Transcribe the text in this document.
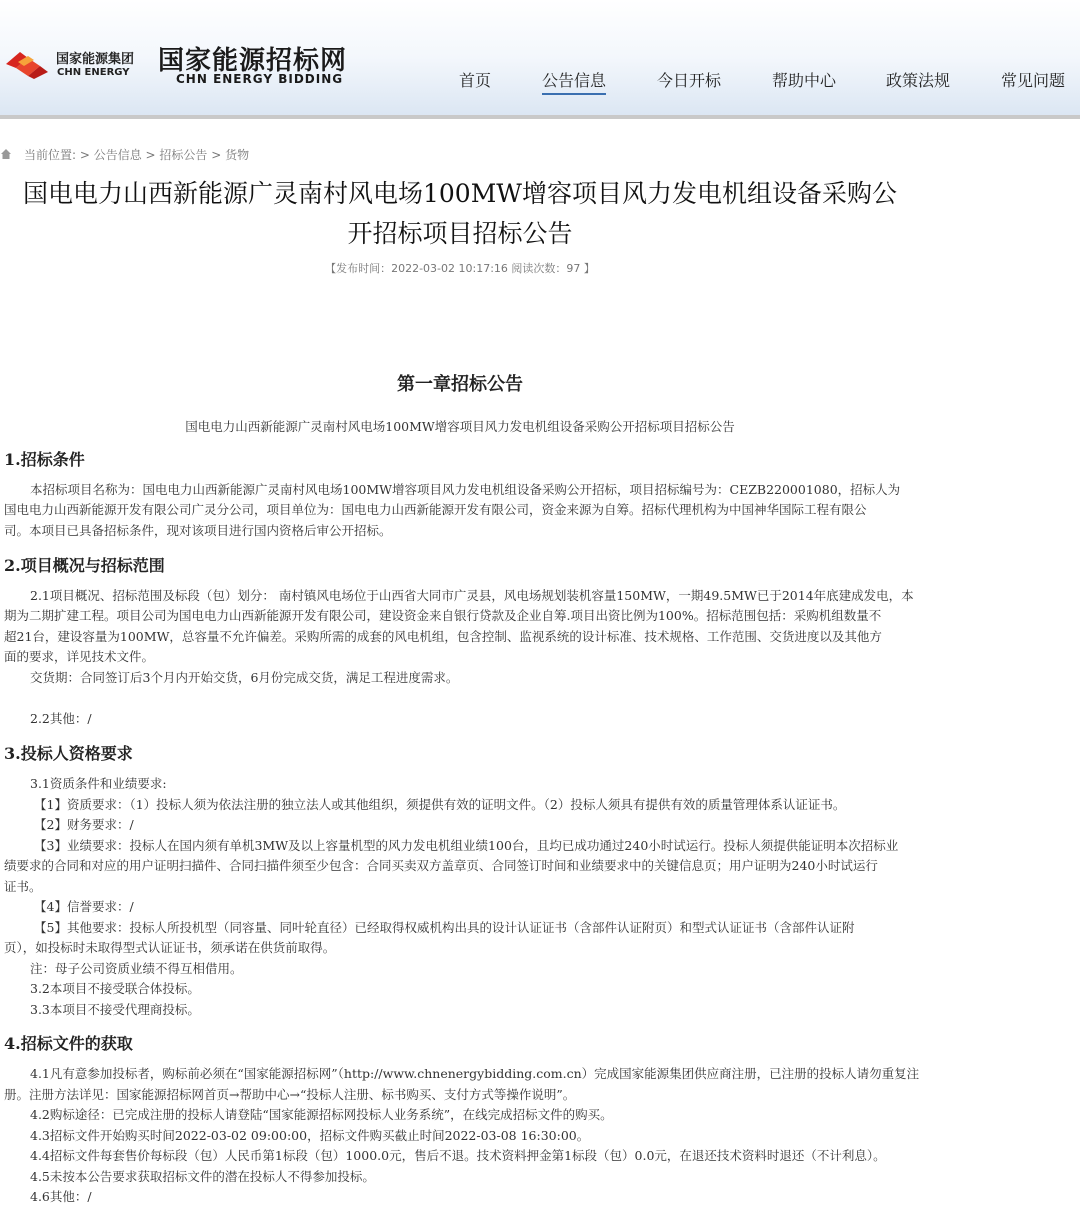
国家能源集团
CHN ENERGY 国家能源招标网
CHN ENERGY BIDDING	首页	公告信息	今日开标	帮助中心	政策法规	常见问题
当前位置: > 公告信息 > 招标公告 > 货物
国电电力山西新能源广灵南村风电场100MW增容项目风力发电机组设备采购公
开招标项目招标公告
【发布时间：2022-03-02 10:17:16 阅读次数：97 】
第一章招标公告
国电电力山西新能源广灵南村风电场100MW增容项目风力发电机组设备采购公开招标项目招标公告
1.招标条件
本招标项目名称为：国电电力山西新能源广灵南村风电场100MW增容项目风力发电机组设备采购公开招标，项目招标编号为：CEZB220001080，招标人为
国电电力山西新能源开发有限公司广灵分公司，项目单位为：国电电力山西新能源开发有限公司，资金来源为自筹。招标代理机构为中国神华国际工程有限公
司。本项目已具备招标条件，现对该项目进行国内资格后审公开招标。
2.项目概况与招标范围
2.1项目概况、招标范围及标段（包）划分： 南村镇风电场位于山西省大同市广灵县，风电场规划装机容量150MW，一期49.5MW已于2014年底建成发电，本
期为二期扩建工程。项目公司为国电电力山西新能源开发有限公司，建设资金来自银行贷款及企业自筹.项目出资比例为100%。招标范围包括：采购机组数量不
超21台，建设容量为100MW，总容量不允许偏差。采购所需的成套的风电机组，包含控制、监视系统的设计标准、技术规格、工作范围、交货进度以及其他方
面的要求，详见技术文件。
交货期：合同签订后3个月内开始交货，6月份完成交货，满足工程进度需求。
2.2其他：/
3.投标人资格要求
3.1资质条件和业绩要求:
【1】资质要求：（1）投标人须为依法注册的独立法人或其他组织，须提供有效的证明文件。（2）投标人须具有提供有效的质量管理体系认证证书。
【2】财务要求：/
【3】业绩要求：投标人在国内须有单机3MW及以上容量机型的风力发电机组业绩100台，且均已成功通过240小时试运行。投标人须提供能证明本次招标业
绩要求的合同和对应的用户证明扫描件、合同扫描件须至少包含：合同买卖双方盖章页、合同签订时间和业绩要求中的关键信息页；用户证明为240小时试运行
证书。
【4】信誉要求：/
【5】其他要求：投标人所投机型（同容量、同叶轮直径）已经取得权威机构出具的设计认证证书（含部件认证附页）和型式认证证书（含部件认证附
页），如投标时未取得型式认证证书，须承诺在供货前取得。
注：母子公司资质业绩不得互相借用。
3.2本项目不接受联合体投标。
3.3本项目不接受代理商投标。
4.招标文件的获取
4.1凡有意参加投标者，购标前必须在“国家能源招标网”（http://www.chnenergybidding.com.cn）完成国家能源集团供应商注册，已注册的投标人请勿重复注
册。注册方法详见：国家能源招标网首页→帮助中心→“投标人注册、标书购买、支付方式等操作说明”。
4.2购标途径：已完成注册的投标人请登陆“国家能源招标网投标人业务系统”，在线完成招标文件的购买。
4.3招标文件开始购买时间2022-03-02 09:00:00，招标文件购买截止时间2022-03-08 16:30:00。
4.4招标文件每套售价每标段（包）人民币第1标段（包）1000.0元，售后不退。技术资料押金第1标段（包）0.0元，在退还技术资料时退还（不计利息）。
4.5未按本公告要求获取招标文件的潜在投标人不得参加投标。
4.6其他：/
